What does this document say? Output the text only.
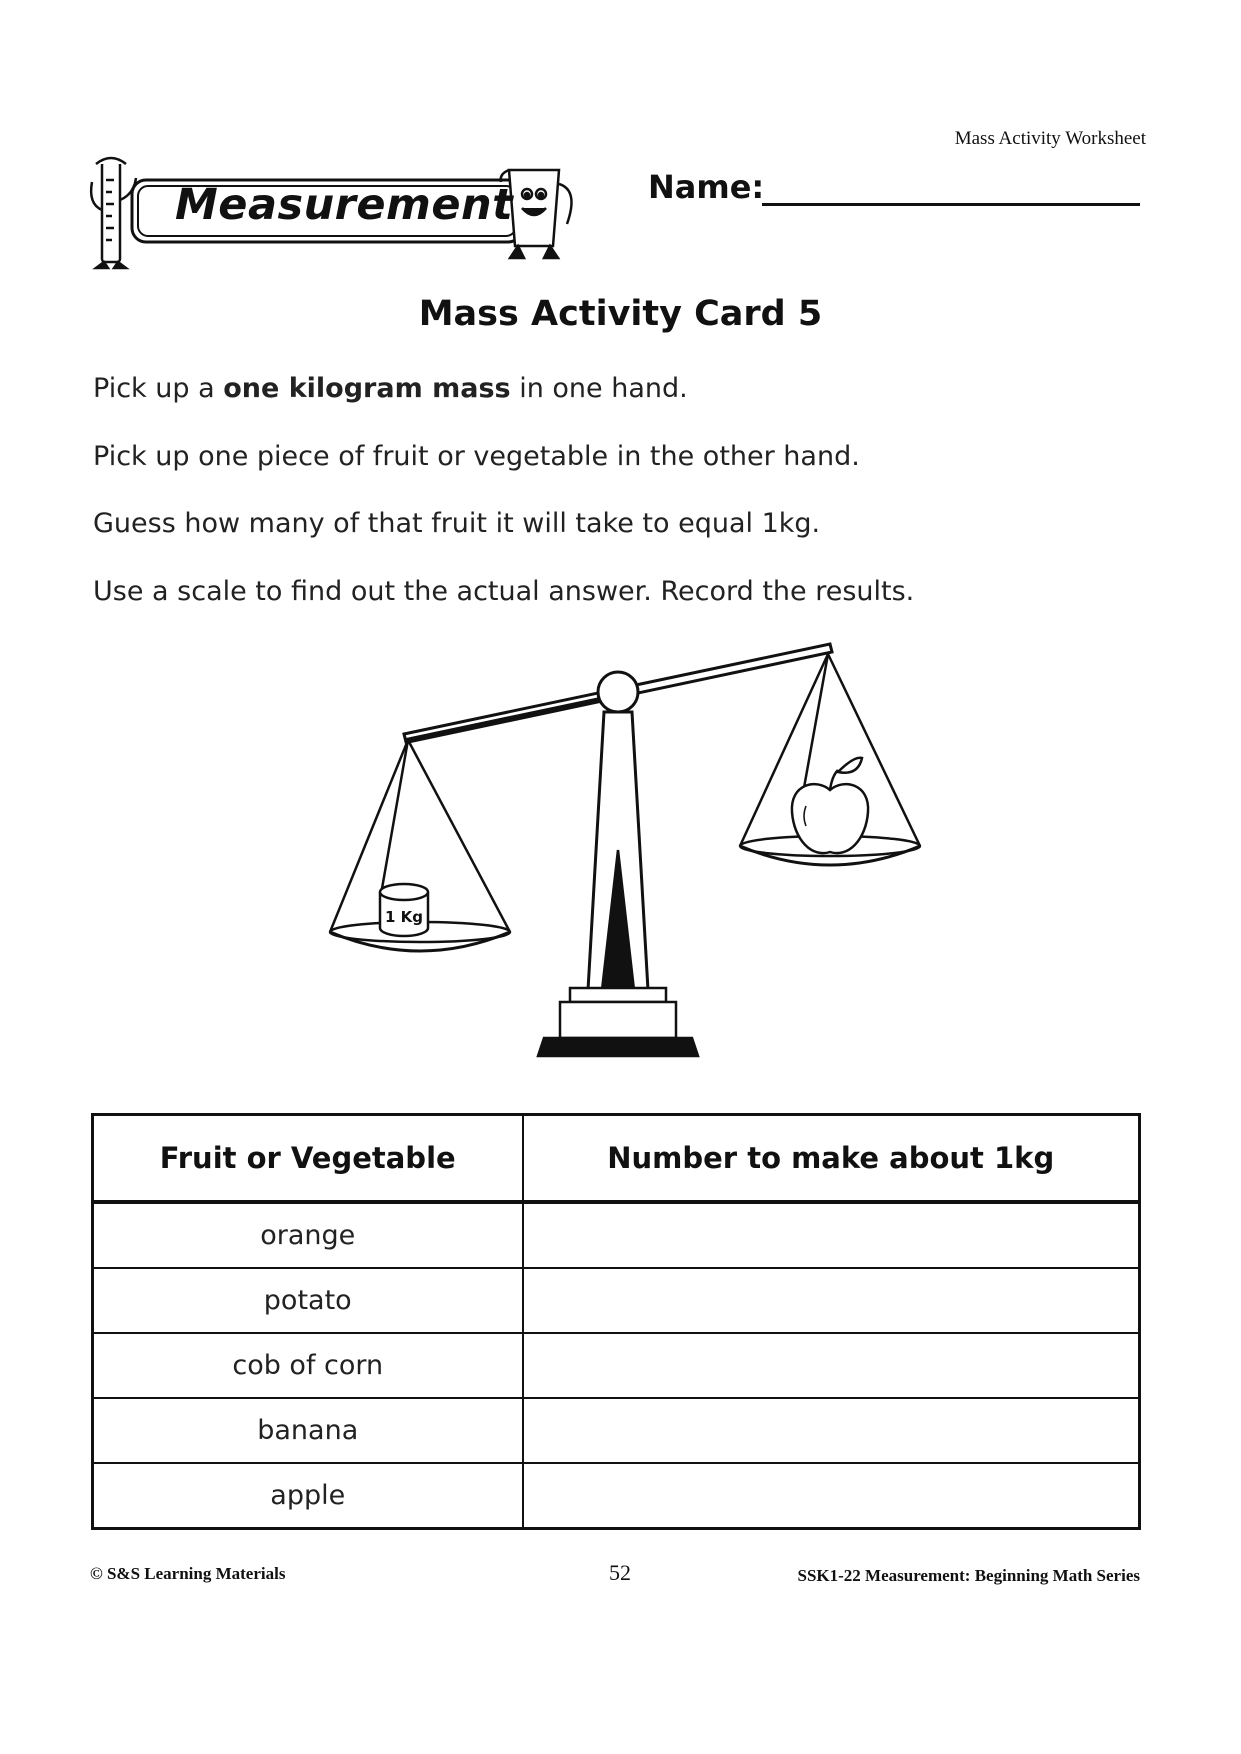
Mass Activity Worksheet
Measurement	Name:
Mass Activity Card 5
Pick up a one kilogram mass in one hand.
Pick up one piece of fruit or vegetable in the other hand.
Guess how many of that fruit it will take to equal 1kg.
Use a scale to find out the actual answer. Record the results.
1 Kg
Fruit or Vegetable	Number to make about 1kg
orange	
potato	
cob of corn	
banana	
apple	
© S&S Learning Materials	52	SSK1-22 Measurement: Beginning Math Series
